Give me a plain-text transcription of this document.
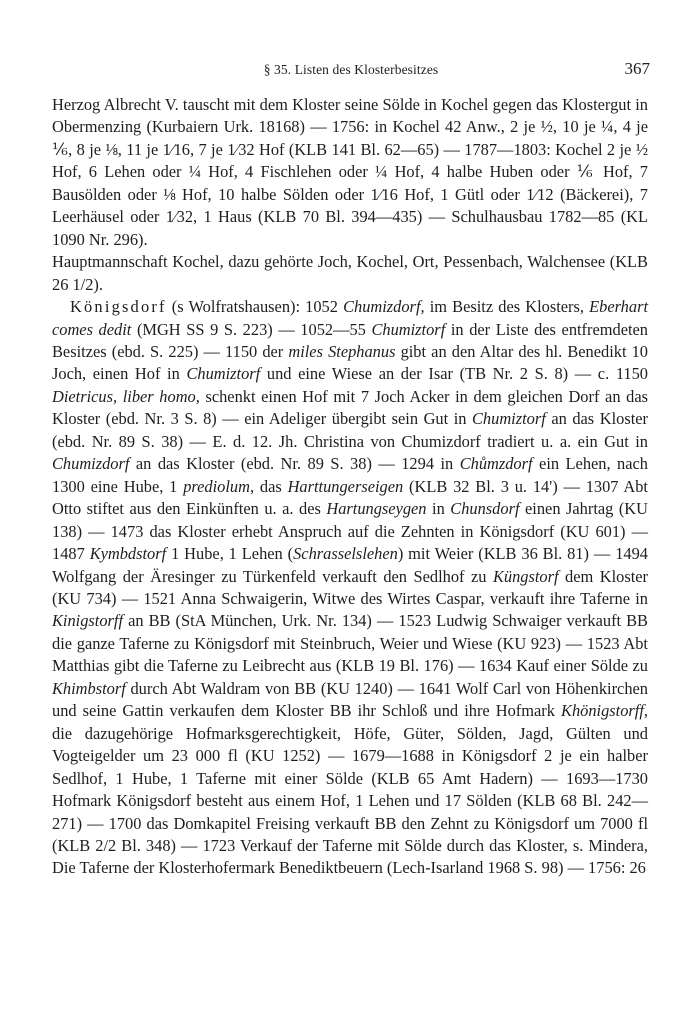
§ 35. Listen des Klosterbesitzes	367

Herzog Albrecht V. tauscht mit dem Kloster seine Sölde in Kochel gegen das Klostergut in Obermenzing (Kurbaiern Urk. 18168) — 1756: in Kochel 42 Anw., 2 je ½, 10 je ¼, 4 je ⅙, 8 je ⅛, 11 je 1⁄16, 7 je 1⁄32 Hof (KLB 141 Bl. 62—65) — 1787—1803: Kochel 2 je ½ Hof, 6 Lehen oder ¼ Hof, 4 Fischlehen oder ¼ Hof, 4 halbe Huben oder ⅙ Hof, 7 Bausölden oder ⅛ Hof, 10 halbe Sölden oder 1⁄16 Hof, 1 Gütl oder 1⁄12 (Bäckerei), 7 Leerhäusel oder 1⁄32, 1 Haus (KLB 70 Bl. 394—435) — Schulhausbau 1782—85 (KL 1090 Nr. 296).

Hauptmannschaft Kochel, dazu gehörte Joch, Kochel, Ort, Pessenbach, Walchensee (KLB 26 1/2).

Königsdorf (s Wolfratshausen): 1052 Chumizdorf, im Besitz des Klosters, Eberhart comes dedit (MGH SS 9 S. 223) — 1052—55 Chumiztorf in der Liste des entfremdeten Besitzes (ebd. S. 225) — 1150 der miles Stephanus gibt an den Altar des hl. Benedikt 10 Joch, einen Hof in Chumiztorf und eine Wiese an der Isar (TB Nr. 2 S. 8) — c. 1150 Dietricus, liber homo, schenkt einen Hof mit 7 Joch Acker in dem gleichen Dorf an das Kloster (ebd. Nr. 3 S. 8) — ein Adeliger übergibt sein Gut in Chumiztorf an das Kloster (ebd. Nr. 89 S. 38) — E. d. 12. Jh. Christina von Chumizdorf tradiert u. a. ein Gut in Chumizdorf an das Kloster (ebd. Nr. 89 S. 38) — 1294 in Chůmzdorf ein Lehen, nach 1300 eine Hube, 1 prediolum, das Harttungerseigen (KLB 32 Bl. 3 u. 14') — 1307 Abt Otto stiftet aus den Einkünften u. a. des Hartungseygen in Chunsdorf einen Jahrtag (KU 138) — 1473 das Kloster erhebt Anspruch auf die Zehnten in Königsdorf (KU 601) — 1487 Kymbdstorf 1 Hube, 1 Lehen (Schrasselslehen) mit Weier (KLB 36 Bl. 81) — 1494 Wolfgang der Äresinger zu Türkenfeld verkauft den Sedlhof zu Küngstorf dem Kloster (KU 734) — 1521 Anna Schwaigerin, Witwe des Wirtes Caspar, verkauft ihre Taferne in Kinigstorff an BB (StA München, Urk. Nr. 134) — 1523 Ludwig Schwaiger verkauft BB die ganze Taferne zu Königsdorf mit Steinbruch, Weier und Wiese (KU 923) — 1523 Abt Matthias gibt die Taferne zu Leibrecht aus (KLB 19 Bl. 176) — 1634 Kauf einer Sölde zu Khimbstorf durch Abt Waldram von BB (KU 1240) — 1641 Wolf Carl von Höhenkirchen und seine Gattin verkaufen dem Kloster BB ihr Schloß und ihre Hofmark Khönigstorff, die dazugehörige Hofmarksgerechtigkeit, Höfe, Güter, Sölden, Jagd, Gülten und Vogteigelder um 23 000 fl (KU 1252) — 1679—1688 in Königsdorf 2 je ein halber Sedlhof, 1 Hube, 1 Taferne mit einer Sölde (KLB 65 Amt Hadern) — 1693—1730 Hofmark Königsdorf besteht aus einem Hof, 1 Lehen und 17 Sölden (KLB 68 Bl. 242—271) — 1700 das Domkapitel Freising verkauft BB den Zehnt zu Königsdorf um 7000 fl (KLB 2/2 Bl. 348) — 1723 Verkauf der Taferne mit Sölde durch das Kloster, s. Mindera, Die Taferne der Klosterhofermark Benediktbeuern (Lech-Isarland 1968 S. 98) — 1756: 26
